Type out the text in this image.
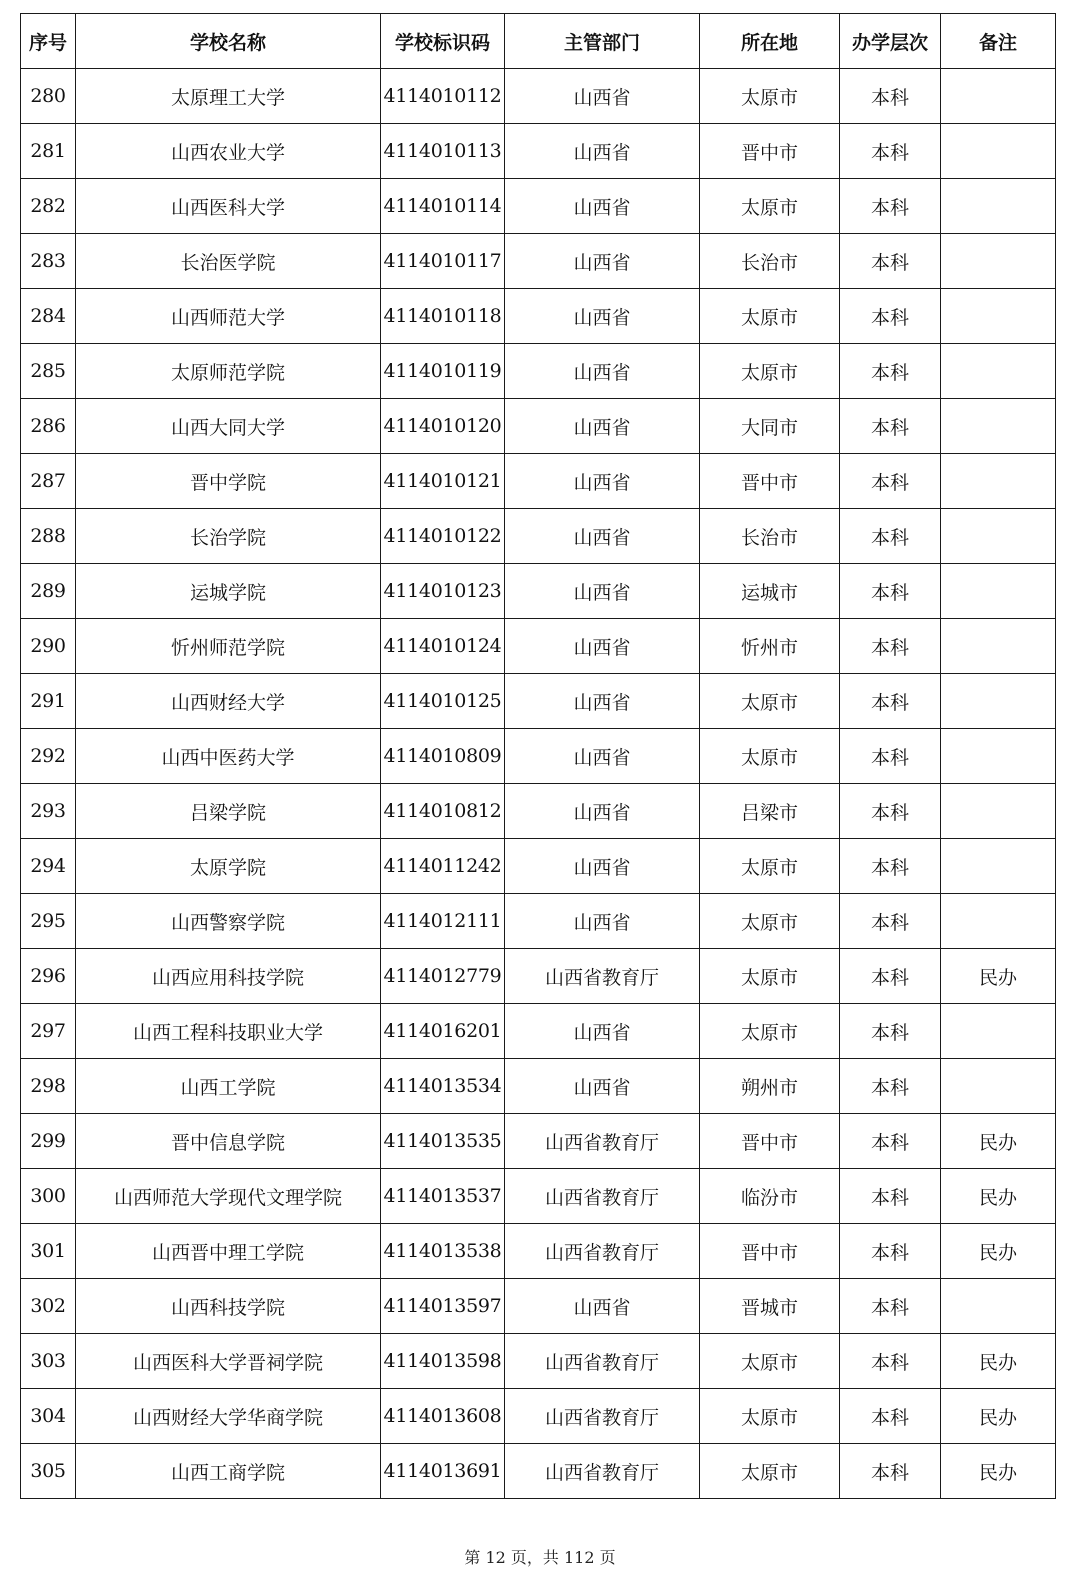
序号	学校名称	学校标识码	主管部门	所在地	办学层次	备注
280	太原理工大学	4114010112	山西省	太原市	本科	
281	山西农业大学	4114010113	山西省	晋中市	本科	
282	山西医科大学	4114010114	山西省	太原市	本科	
283	长治医学院	4114010117	山西省	长治市	本科	
284	山西师范大学	4114010118	山西省	太原市	本科	
285	太原师范学院	4114010119	山西省	太原市	本科	
286	山西大同大学	4114010120	山西省	大同市	本科	
287	晋中学院	4114010121	山西省	晋中市	本科	
288	长治学院	4114010122	山西省	长治市	本科	
289	运城学院	4114010123	山西省	运城市	本科	
290	忻州师范学院	4114010124	山西省	忻州市	本科	
291	山西财经大学	4114010125	山西省	太原市	本科	
292	山西中医药大学	4114010809	山西省	太原市	本科	
293	吕梁学院	4114010812	山西省	吕梁市	本科	
294	太原学院	4114011242	山西省	太原市	本科	
295	山西警察学院	4114012111	山西省	太原市	本科	
296	山西应用科技学院	4114012779	山西省教育厅	太原市	本科	民办
297	山西工程科技职业大学	4114016201	山西省	太原市	本科	
298	山西工学院	4114013534	山西省	朔州市	本科	
299	晋中信息学院	4114013535	山西省教育厅	晋中市	本科	民办
300	山西师范大学现代文理学院	4114013537	山西省教育厅	临汾市	本科	民办
301	山西晋中理工学院	4114013538	山西省教育厅	晋中市	本科	民办
302	山西科技学院	4114013597	山西省	晋城市	本科	
303	山西医科大学晋祠学院	4114013598	山西省教育厅	太原市	本科	民办
304	山西财经大学华商学院	4114013608	山西省教育厅	太原市	本科	民办
305	山西工商学院	4114013691	山西省教育厅	太原市	本科	民办
第 12 页，共 112 页
